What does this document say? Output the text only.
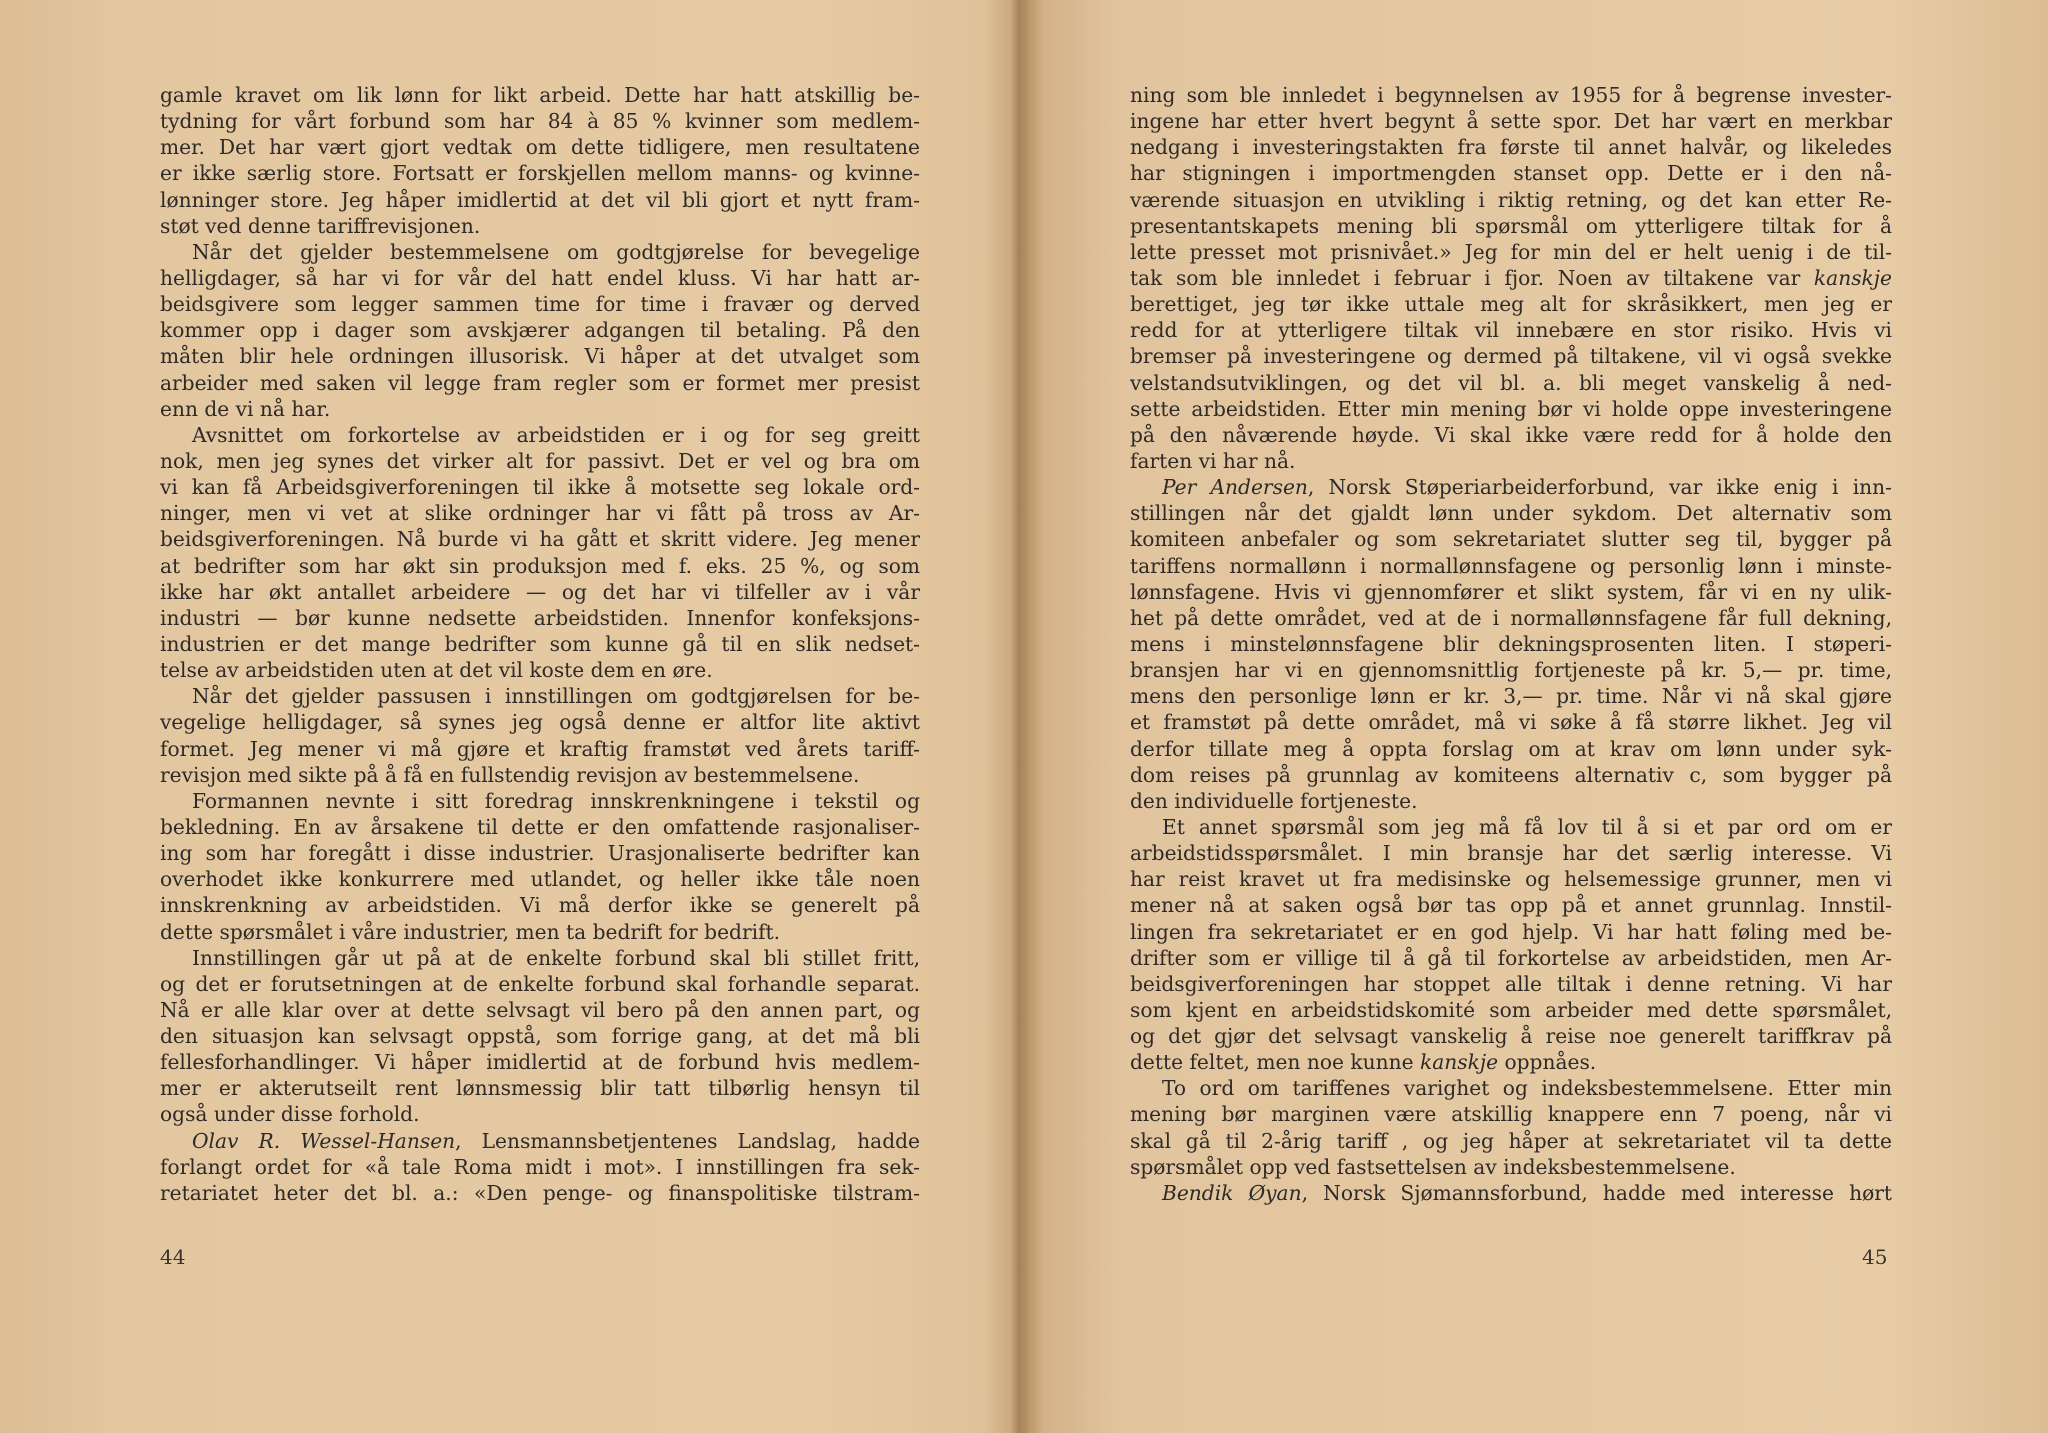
gamle kravet om lik lønn for likt arbeid. Dette har hatt atskillig be-
tydning for vårt forbund som har 84 à 85 % kvinner som medlem-
mer. Det har vært gjort vedtak om dette tidligere, men resultatene
er ikke særlig store. Fortsatt er forskjellen mellom manns- og kvinne-
lønninger store. Jeg håper imidlertid at det vil bli gjort et nytt fram-
støt ved denne tariffrevisjonen.
Når det gjelder bestemmelsene om godtgjørelse for bevegelige
helligdager, så har vi for vår del hatt endel kluss. Vi har hatt ar-
beidsgivere som legger sammen time for time i fravær og derved
kommer opp i dager som avskjærer adgangen til betaling. På den
måten blir hele ordningen illusorisk. Vi håper at det utvalget som
arbeider med saken vil legge fram regler som er formet mer presist
enn de vi nå har.
Avsnittet om forkortelse av arbeidstiden er i og for seg greitt
nok, men jeg synes det virker alt for passivt. Det er vel og bra om
vi kan få Arbeidsgiverforeningen til ikke å motsette seg lokale ord-
ninger, men vi vet at slike ordninger har vi fått på tross av Ar-
beidsgiverforeningen. Nå burde vi ha gått et skritt videre. Jeg mener
at bedrifter som har økt sin produksjon med f. eks. 25 %, og som
ikke har økt antallet arbeidere — og det har vi tilfeller av i vår
industri — bør kunne nedsette arbeidstiden. Innenfor konfeksjons-
industrien er det mange bedrifter som kunne gå til en slik nedset-
telse av arbeidstiden uten at det vil koste dem en øre.
Når det gjelder passusen i innstillingen om godtgjørelsen for be-
vegelige helligdager, så synes jeg også denne er altfor lite aktivt
formet. Jeg mener vi må gjøre et kraftig framstøt ved årets tariff-
revisjon med sikte på å få en fullstendig revisjon av bestemmelsene.
Formannen nevnte i sitt foredrag innskrenkningene i tekstil og
bekledning. En av årsakene til dette er den omfattende rasjonaliser-
ing som har foregått i disse industrier. Urasjonaliserte bedrifter kan
overhodet ikke konkurrere med utlandet, og heller ikke tåle noen
innskrenkning av arbeidstiden. Vi må derfor ikke se generelt på
dette spørsmålet i våre industrier, men ta bedrift for bedrift.
Innstillingen går ut på at de enkelte forbund skal bli stillet fritt,
og det er forutsetningen at de enkelte forbund skal forhandle separat.
Nå er alle klar over at dette selvsagt vil bero på den annen part, og
den situasjon kan selvsagt oppstå, som forrige gang, at det må bli
fellesforhandlinger. Vi håper imidlertid at de forbund hvis medlem-
mer er akterutseilt rent lønnsmessig blir tatt tilbørlig hensyn til
også under disse forhold.
Olav R. Wessel-Hansen, Lensmannsbetjentenes Landslag, hadde
forlangt ordet for «å tale Roma midt i mot». I innstillingen fra sek-
retariatet heter det bl. a.: «Den penge- og finanspolitiske tilstram-
44
ning som ble innledet i begynnelsen av 1955 for å begrense invester-
ingene har etter hvert begynt å sette spor. Det har vært en merkbar
nedgang i investeringstakten fra første til annet halvår, og likeledes
har stigningen i importmengden stanset opp. Dette er i den nå-
værende situasjon en utvikling i riktig retning, og det kan etter Re-
presentantskapets mening bli spørsmål om ytterligere tiltak for å
lette presset mot prisnivået.» Jeg for min del er helt uenig i de til-
tak som ble innledet i februar i fjor. Noen av tiltakene var kanskje
berettiget, jeg tør ikke uttale meg alt for skråsikkert, men jeg er
redd for at ytterligere tiltak vil innebære en stor risiko. Hvis vi
bremser på investeringene og dermed på tiltakene, vil vi også svekke
velstandsutviklingen, og det vil bl. a. bli meget vanskelig å ned-
sette arbeidstiden. Etter min mening bør vi holde oppe investeringene
på den nåværende høyde. Vi skal ikke være redd for å holde den
farten vi har nå.
Per Andersen, Norsk Støperiarbeiderforbund, var ikke enig i inn-
stillingen når det gjaldt lønn under sykdom. Det alternativ som
komiteen anbefaler og som sekretariatet slutter seg til, bygger på
tariffens normallønn i normallønnsfagene og personlig lønn i minste-
lønnsfagene. Hvis vi gjennomfører et slikt system, får vi en ny ulik-
het på dette området, ved at de i normallønnsfagene får full dekning,
mens i minstelønnsfagene blir dekningsprosenten liten. I støperi-
bransjen har vi en gjennomsnittlig fortjeneste på kr. 5,— pr. time,
mens den personlige lønn er kr. 3,— pr. time. Når vi nå skal gjøre
et framstøt på dette området, må vi søke å få større likhet. Jeg vil
derfor tillate meg å oppta forslag om at krav om lønn under syk-
dom reises på grunnlag av komiteens alternativ c, som bygger på
den individuelle fortjeneste.
Et annet spørsmål som jeg må få lov til å si et par ord om er
arbeidstidsspørsmålet. I min bransje har det særlig interesse. Vi
har reist kravet ut fra medisinske og helsemessige grunner, men vi
mener nå at saken også bør tas opp på et annet grunnlag. Innstil-
lingen fra sekretariatet er en god hjelp. Vi har hatt føling med be-
drifter som er villige til å gå til forkortelse av arbeidstiden, men Ar-
beidsgiverforeningen har stoppet alle tiltak i denne retning. Vi har
som kjent en arbeidstidskomité som arbeider med dette spørsmålet,
og det gjør det selvsagt vanskelig å reise noe generelt tariffkrav på
dette feltet, men noe kunne kanskje oppnåes.
To ord om tariffenes varighet og indeksbestemmelsene. Etter min
mening bør marginen være atskillig knappere enn 7 poeng, når vi
skal gå til 2-årig tariff , og jeg håper at sekretariatet vil ta dette
spørsmålet opp ved fastsettelsen av indeksbestemmelsene.
Bendik Øyan, Norsk Sjømannsforbund, hadde med interesse hørt
45
